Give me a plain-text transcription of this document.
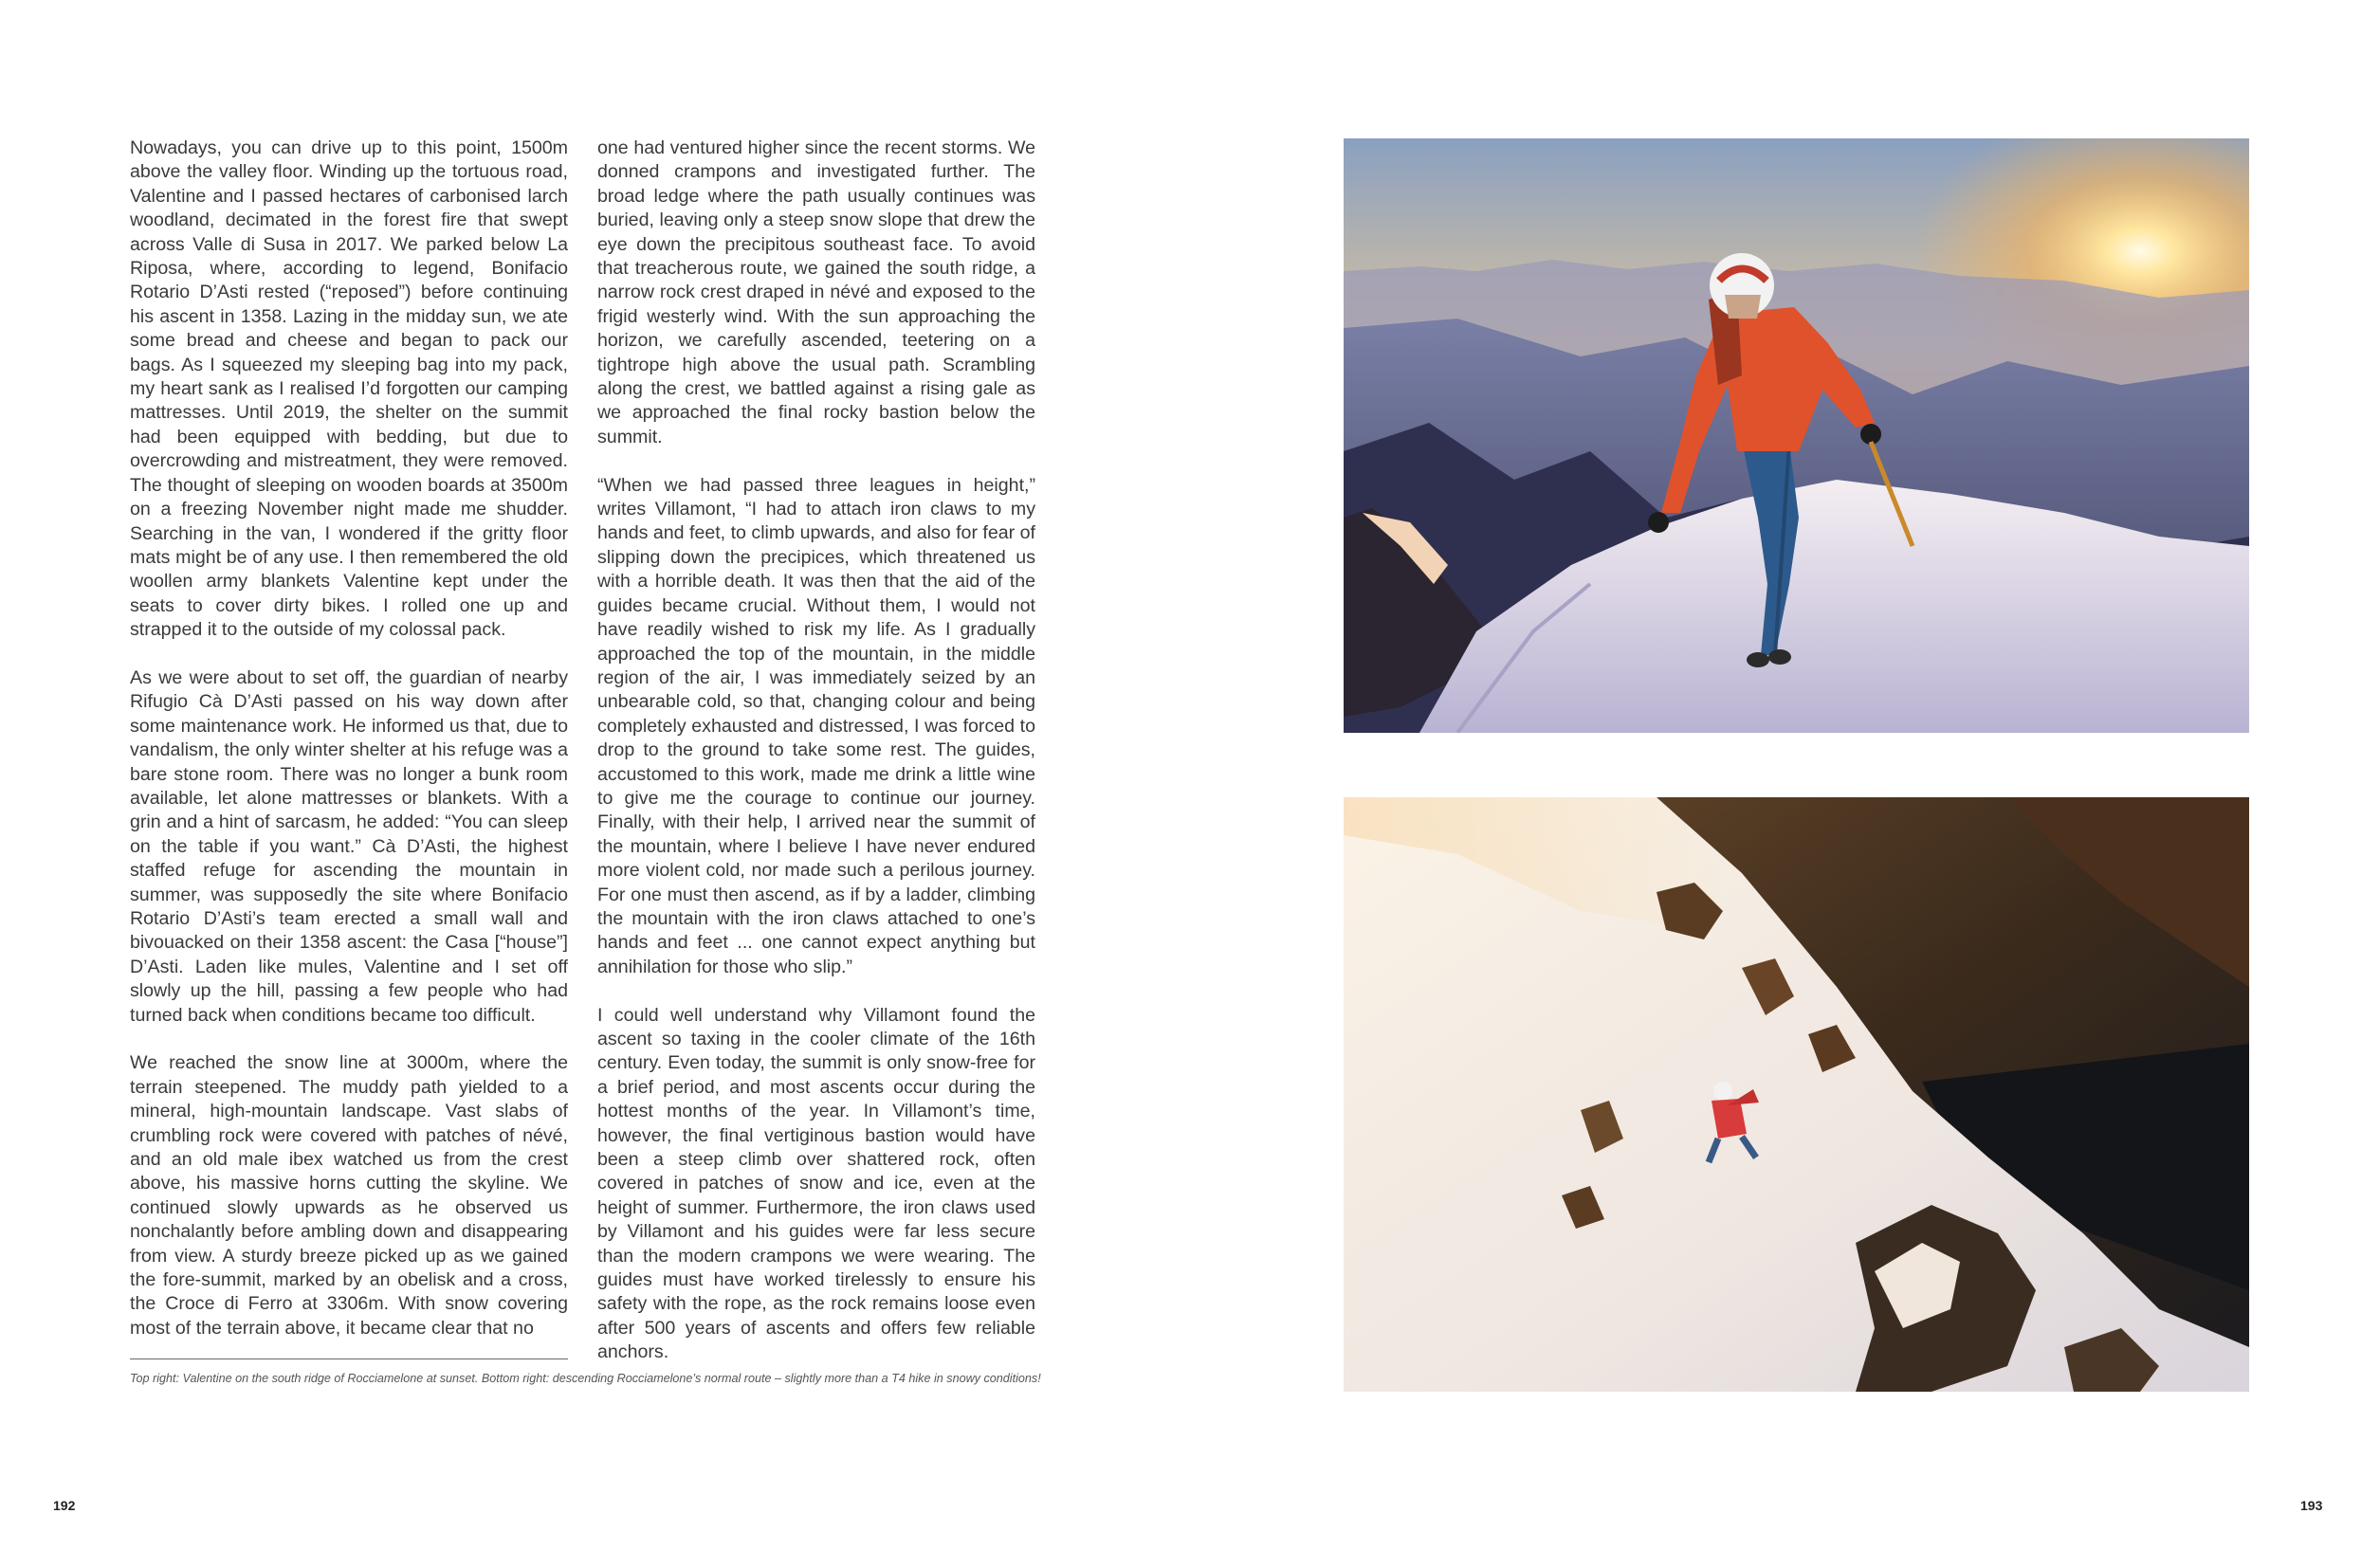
Nowadays, you can drive up to this point, 1500m above the valley floor. Winding up the tortuous road, Valentine and I passed hectares of carbonised larch woodland, decimated in the forest fire that swept across Valle di Susa in 2017. We parked below La Riposa, where, according to legend, Bonifacio Rotario D’Asti rested (“reposed”) before continuing his ascent in 1358. Lazing in the midday sun, we ate some bread and cheese and began to pack our bags. As I squeezed my sleeping bag into my pack, my heart sank as I realised I’d forgotten our camping mattresses. Until 2019, the shelter on the summit had been equipped with bedding, but due to overcrowding and mistreatment, they were removed. The thought of sleeping on wooden boards at 3500m on a freezing November night made me shudder. Searching in the van, I wondered if the gritty floor mats might be of any use. I then remembered the old woollen army blankets Valentine kept under the seats to cover dirty bikes. I rolled one up and strapped it to the outside of my colossal pack.

As we were about to set off, the guardian of nearby Rifugio Cà D’Asti passed on his way down after some maintenance work. He informed us that, due to vandalism, the only winter shelter at his refuge was a bare stone room. There was no longer a bunk room available, let alone mattresses or blankets. With a grin and a hint of sarcasm, he added: “You can sleep on the table if you want.” Cà D’Asti, the highest staffed refuge for ascending the mountain in summer, was supposedly the site where Bonifacio Rotario D’Asti’s team erected a small wall and bivouacked on their 1358 ascent: the Casa [“house”] D’Asti. Laden like mules, Valentine and I set off slowly up the hill, passing a few people who had turned back when conditions became too difficult.

We reached the snow line at 3000m, where the terrain steepened. The muddy path yielded to a mineral, high-mountain landscape. Vast slabs of crumbling rock were covered with patches of névé, and an old male ibex watched us from the crest above, his massive horns cutting the skyline. We continued slowly upwards as he observed us nonchalantly before ambling down and disappearing from view. A sturdy breeze picked up as we gained the fore-summit, marked by an obelisk and a cross, the Croce di Ferro at 3306m. With snow covering most of the terrain above, it became clear that no

one had ventured higher since the recent storms. We donned crampons and investigated further. The broad ledge where the path usually continues was buried, leaving only a steep snow slope that drew the eye down the precipitous southeast face. To avoid that treacherous route, we gained the south ridge, a narrow rock crest draped in névé and exposed to the frigid westerly wind. With the sun approaching the horizon, we carefully ascended, teetering on a tightrope high above the usual path. Scrambling along the crest, we battled against a rising gale as we approached the final rocky bastion below the summit.

“When we had passed three leagues in height,” writes Villamont, “I had to attach iron claws to my hands and feet, to climb upwards, and also for fear of slipping down the precipices, which threatened us with a horrible death. It was then that the aid of the guides became crucial. Without them, I would not have readily wished to risk my life. As I gradually approached the top of the mountain, in the middle region of the air, I was immediately seized by an unbearable cold, so that, changing colour and being completely exhausted and distressed, I was forced to drop to the ground to take some rest. The guides, accustomed to this work, made me drink a little wine to give me the courage to continue our journey. Finally, with their help, I arrived near the summit of the mountain, where I believe I have never endured more violent cold, nor made such a perilous journey. For one must then ascend, as if by a ladder, climbing the mountain with the iron claws attached to one’s hands and feet ... one cannot expect anything but annihilation for those who slip.”

I could well understand why Villamont found the ascent so taxing in the cooler climate of the 16th century. Even today, the summit is only snow-free for a brief period, and most ascents occur during the hottest months of the year. In Villamont’s time, however, the final vertiginous bastion would have been a steep climb over shattered rock, often covered in patches of snow and ice, even at the height of summer. Furthermore, the iron claws used by Villamont and his guides were far less secure than the modern crampons we were wearing. The guides must have worked tirelessly to ensure his safety with the rope, as the rock remains loose even after 500 years of ascents and offers few reliable anchors.

Top right: Valentine on the south ridge of Rocciamelone at sunset. Bottom right: descending Rocciamelone’s normal route – slightly more than a T4 hike in snowy conditions!
192	193
